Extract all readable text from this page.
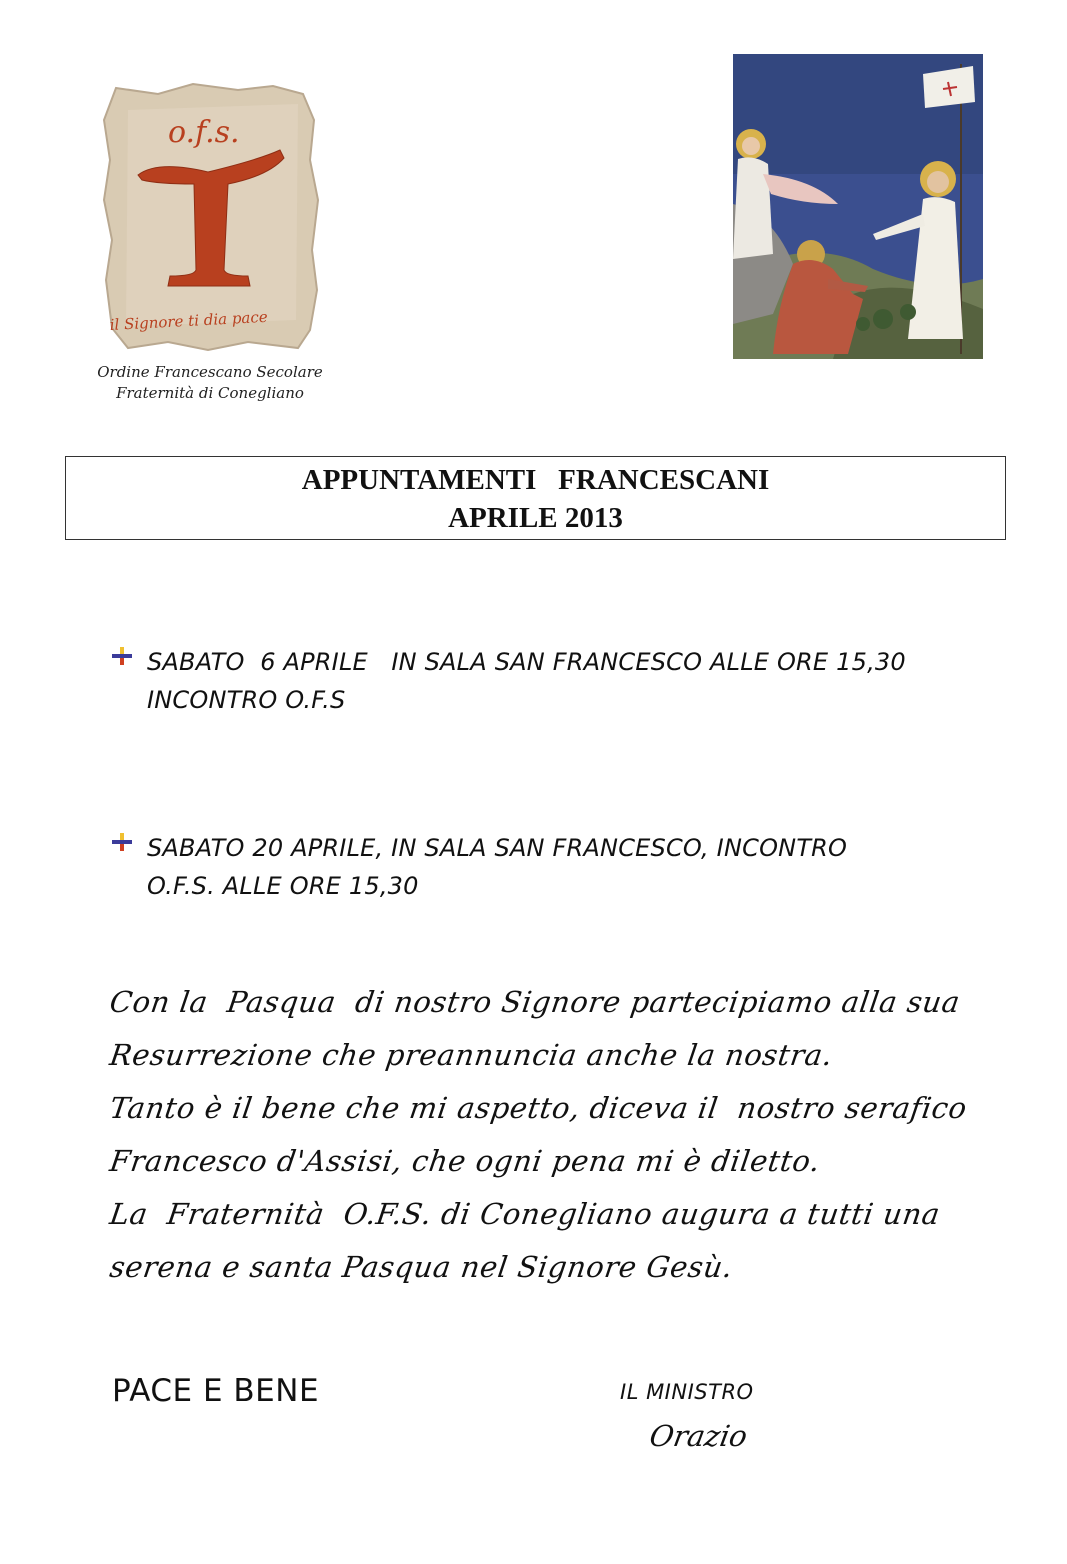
o.f.s.
il Signore ti dia pace
Ordine Francescano Secolare
Fraternità di Conegliano
APPUNTAMENTI   FRANCESCANI
APRILE 2013
SABATO  6 APRILE   IN SALA SAN FRANCESCO ALLE ORE 15,30
INCONTRO O.F.S
SABATO 20 APRILE, IN SALA SAN FRANCESCO, INCONTRO
O.F.S. ALLE ORE 15,30
Con la  Pasqua  di nostro Signore partecipiamo alla sua
Resurrezione che preannuncia anche la nostra.
Tanto è il bene che mi aspetto, diceva il  nostro serafico
Francesco d'Assisi, che ogni pena mi è diletto.
La  Fraternità  O.F.S. di Conegliano augura a tutti una
serena e santa Pasqua nel Signore Gesù.
PACE E BENE	IL MINISTRO
Orazio
